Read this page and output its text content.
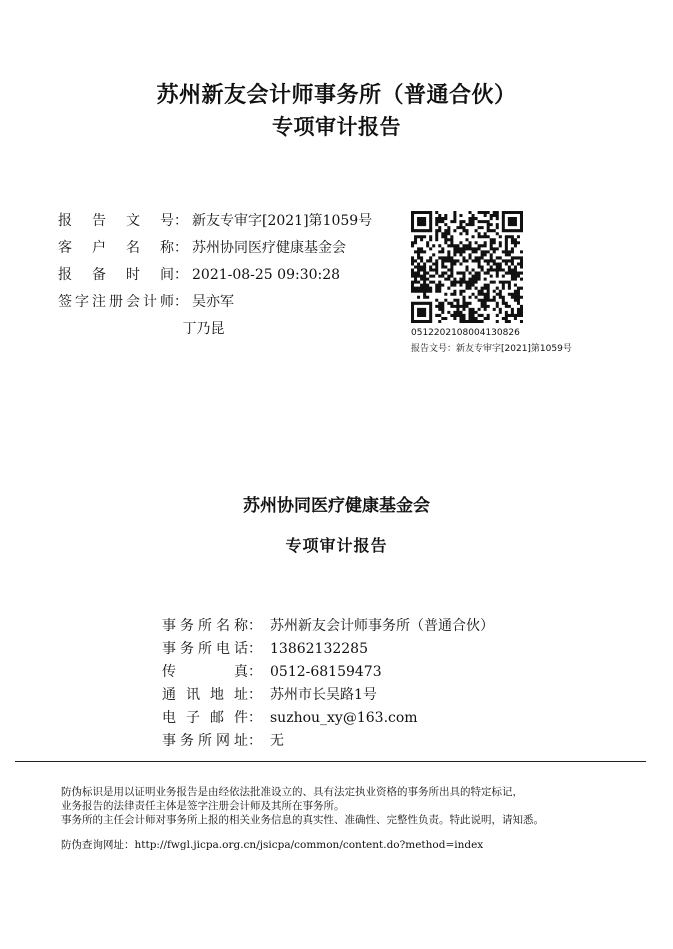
苏州新友会计师事务所（普通合伙）
专项审计报告
报告文号： 新友专审字[2021]第1059号
客户名称： 苏州协同医疗健康基金会
报备时间： 2021-08-25 09:30:28
签字注册会计师： 吴亦军
丁乃昆	0512202108004130826
报告文号：新友专审字[2021]第1059号
苏州协同医疗健康基金会
专项审计报告
事务所名称： 苏州新友会计师事务所（普通合伙）
事务所电话： 13862132285
传真： 0512-68159473
通讯地址： 苏州市长吴路1号
电子邮件： suzhou_xy@163.com
事务所网址： 无
防伪标识是用以证明业务报告是由经依法批准设立的、具有法定执业资格的事务所出具的特定标记，
业务报告的法律责任主体是签字注册会计师及其所在事务所。
事务所的主任会计师对事务所上报的相关业务信息的真实性、准确性、完整性负责。特此说明，请知悉。
防伪查询网址：http://fwgl.jicpa.org.cn/jsicpa/common/content.do?method=index
